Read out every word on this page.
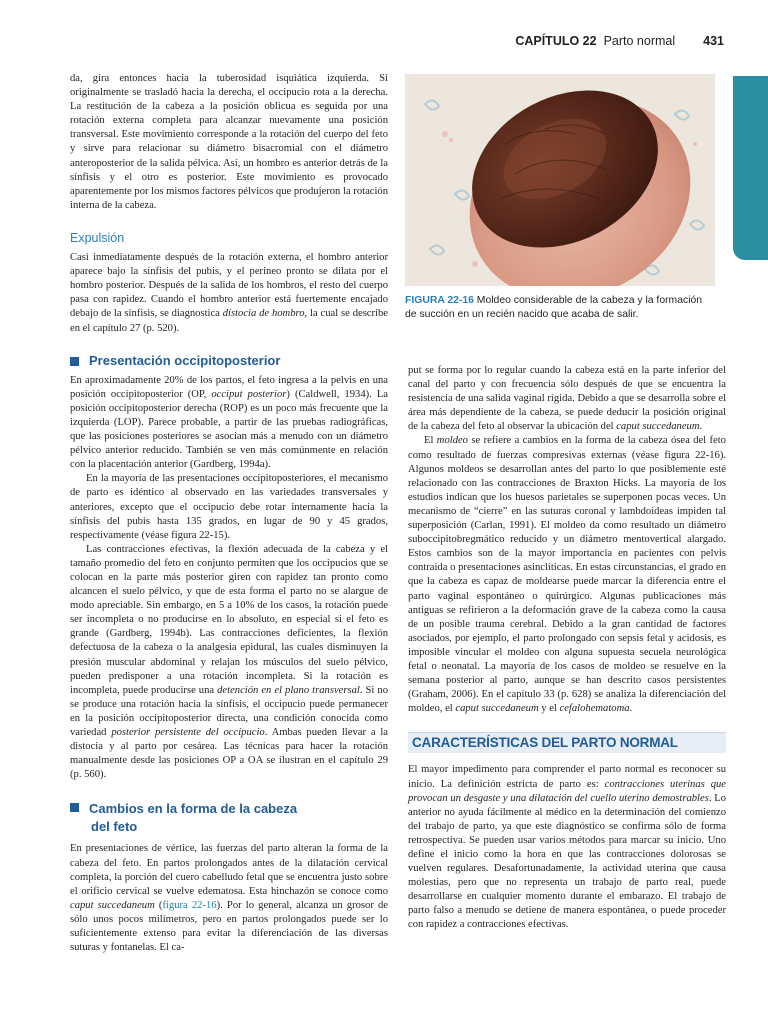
CAPÍTULO 22 Parto normal 431
CAPÍTULO 22
FIGURA 22-16 Moldeo considerable de la cabeza y la formación de succión en un recién nacido que acaba de salir.

da, gira entonces hacia la tuberosidad isquiática izquierda. Si originalmente se trasladó hacia la derecha, el occipucio rota a la derecha. La restitución de la cabeza a la posición oblicua es seguida por una rotación externa completa para alcanzar nuevamente una posición transversal. Este movimiento corresponde a la rotación del cuerpo del feto y sirve para relacionar su diámetro bisacromial con el diámetro anteroposterior de la salida pélvica. Así, un hombro es anterior detrás de la sínfisis y el otro es posterior. Este movimiento es provocado aparentemente por los mismos factores pélvicos que produjeron la rotación interna de la cabeza.

Expulsión

Casi inmediatamente después de la rotación externa, el hombro anterior aparece bajo la sínfisis del pubis, y el perineo pronto se dilata por el hombro posterior. Después de la salida de los hombros, el resto del cuerpo pasa con rapidez. Cuando el hombro anterior está fuertemente encajado debajo de la sínfisis, se diagnostica distocia de hombro, la cual se describe en el capítulo 27 (p. 520).

Presentación occipitoposterior

En aproximadamente 20% de los partos, el feto ingresa a la pelvis en una posición occipitoposterior (OP, occiput posterior) (Caldwell, 1934). La posición occipitoposterior derecha (ROP) es un poco más frecuente que la izquierda (LOP). Parece probable, a partir de las pruebas radiográficas, que las posiciones posteriores se asocian más a menudo con un diámetro pélvico anterior reducido. También se ven más comúnmente en relación con la placentación anterior (Gardberg, 1994a).

En la mayoría de las presentaciones occipitoposteriores, el mecanismo de parto es idéntico al observado en las variedades transversales y anteriores, excepto que el occipucio debe rotar internamente hacia la sínfisis del pubis hasta 135 grados, en lugar de 90 y 45 grados, respectivamente (véase figura 22-15).

Las contracciones efectivas, la flexión adecuada de la cabeza y el tamaño promedio del feto en conjunto permiten que los occipucios que se colocan en la parte más posterior giren con rapidez tan pronto como alcancen el suelo pélvico, y que de esta forma el parto no se alargue de modo apreciable. Sin embargo, en 5 a 10% de los casos, la rotación puede ser incompleta o no producirse en lo absoluto, en especial si el feto es grande (Gardberg, 1994b). Las contracciones deficientes, la flexión defectuosa de la cabeza o la analgesia epidural, las cuales disminuyen la presión muscular abdominal y relajan los músculos del suelo pélvico, pueden predisponer a una rotación incompleta. Si la rotación es incompleta, puede producirse una detención en el plano transversal. Si no se produce una rotación hacia la sínfisis, el occipucio puede permanecer en la posición occipitoposterior directa, una condición conocida como variedad posterior persistente del occipucio. Ambas pueden llevar a la distocia y al parto por cesárea. Las técnicas para hacer la rotación manualmente desde las posiciones OP a OA se ilustran en el capítulo 29 (p. 560).

Cambios en la forma de la cabeza
del feto

En presentaciones de vértice, las fuerzas del parto alteran la forma de la cabeza del feto. En partos prolongados antes de la dilatación cervical completa, la porción del cuero cabelludo fetal que se encuentra justo sobre el orificio cervical se vuelve edematosa. Esta hinchazón se conoce como caput succedaneum (figura 22-16). Por lo general, alcanza un grosor de sólo unos pocos milímetros, pero en partos prolongados puede ser lo suficientemente extenso para evitar la diferenciación de las diversas suturas y fontanelas. El ca-

put se forma por lo regular cuando la cabeza está en la parte inferior del canal del parto y con frecuencia sólo después de que se encuentra la resistencia de una salida vaginal rígida. Debido a que se desarrolla sobre el área más dependiente de la cabeza, se puede deducir la posición original de la cabeza del feto al observar la ubicación del caput succedaneum.

El moldeo se refiere a cambios en la forma de la cabeza ósea del feto como resultado de fuerzas compresivas externas (véase figura 22-16). Algunos moldeos se desarrollan antes del parto lo que posiblemente esté relacionado con las contracciones de Braxton Hicks. La mayoría de los estudios indican que los huesos parietales se superponen pocas veces. Un mecanismo de “cierre” en las suturas coronal y lambdoideas impiden tal superposición (Carlan, 1991). El moldeo da como resultado un diámetro suboccipitobregmático reducido y un diámetro mentovertical alargado. Estos cambios son de la mayor importancia en pacientes con pelvis contraída o presentaciones asinclíticas. En estas circunstancias, el grado en que la cabeza es capaz de moldearse puede marcar la diferencia entre el parto vaginal espontáneo o quirúrgico. Algunas publicaciones más antiguas se refirieron a la deformación grave de la cabeza como la causa de un posible trauma cerebral. Debido a la gran cantidad de factores asociados, por ejemplo, el parto prolongado con sepsis fetal y acidosis, es imposible vincular el moldeo con alguna supuesta secuela neurológica fetal o neonatal. La mayoría de los casos de moldeo se resuelve en la semana posterior al parto, aunque se han descrito casos persistentes (Graham, 2006). En el capítulo 33 (p. 628) se analiza la diferenciación del moldeo, el caput succedaneum y el cefalohematoma.

CARACTERÍSTICAS DEL PARTO NORMAL

El mayor impedimento para comprender el parto normal es reconocer su inicio. La definición estricta de parto es: contracciones uterinas que provocan un desgaste y una dilatación del cuello uterino demostrables. Lo anterior no ayuda fácilmente al médico en la determinación del comienzo del trabajo de parto, ya que este diagnóstico se confirma sólo de forma retrospectiva. Se pueden usar varios métodos para marcar su inicio. Uno define el inicio como la hora en que las contracciones dolorosas se vuelven regulares. Desafortunadamente, la actividad uterina que causa molestias, pero que no representa un trabajo de parto real, puede desarrollarse en cualquier momento durante el embarazo. El trabajo de parto falso a menudo se detiene de manera espontánea, o puede proceder con rapidez a contracciones efectivas.
